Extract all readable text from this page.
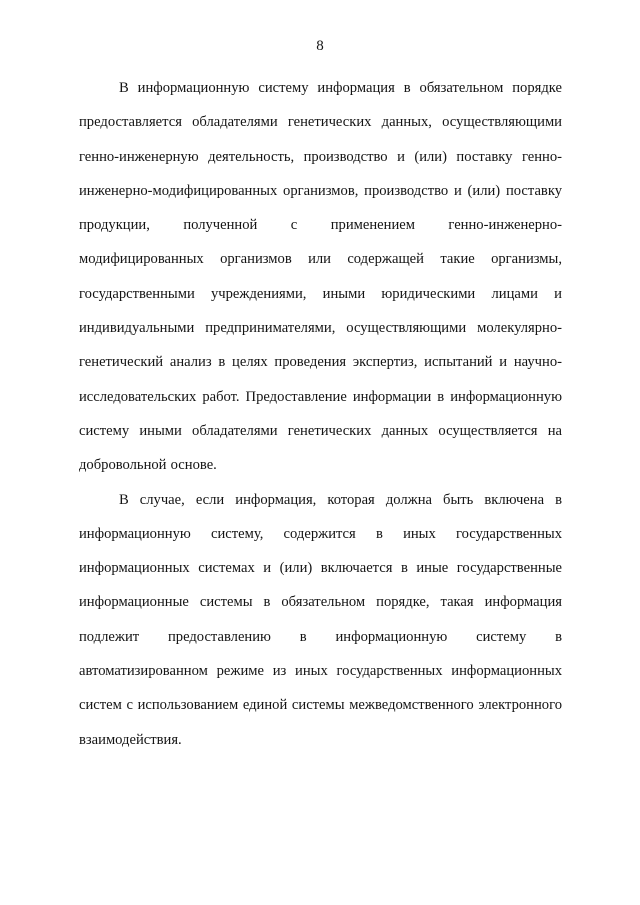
8

В информационную систему информация в обязательном порядке предоставляется обладателями генетических данных, осуществляющими генно-инженерную деятельность, производство и (или) поставку генно-инженерно-модифицированных организмов, производство и (или) поставку продукции, полученной с применением генно-инженерно-модифицированных организмов или содержащей такие организмы, государственными учреждениями, иными юридическими лицами и индивидуальными предпринимателями, осуществляющими молекулярно-генетический анализ в целях проведения экспертиз, испытаний и научно-исследовательских работ. Предоставление информации в информационную систему иными обладателями генетических данных осуществляется на добровольной основе.

В случае, если информация, которая должна быть включена в информационную систему, содержится в иных государственных информационных системах и (или) включается в иные государственные информационные системы в обязательном порядке, такая информация подлежит предоставлению в информационную систему в автоматизированном режиме из иных государственных информационных систем с использованием единой системы межведомственного электронного взаимодействия.
